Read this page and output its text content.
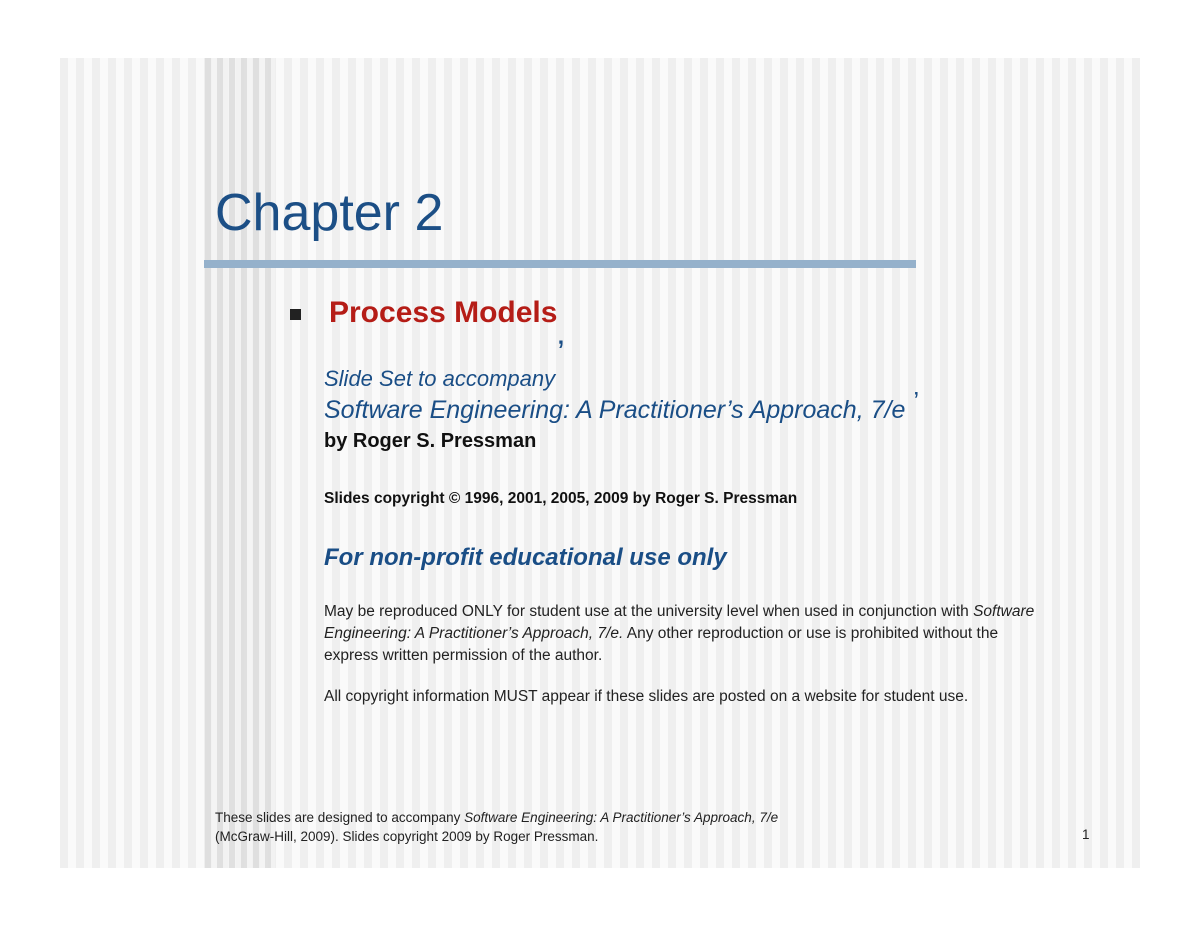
Chapter 2
Process Models
Slide Set to accompany’
Software Engineering: A Practitioner’s Approach, 7/e ’
by Roger S. Pressman
Slides copyright © 1996, 2001, 2005, 2009 by Roger S. Pressman
For non-profit educational use only
May be reproduced ONLY for student use at the university level when used in conjunction with Software Engineering: A Practitioner’s Approach, 7/e. Any other reproduction or use is prohibited without the express written permission of the author.
All copyright information MUST appear if these slides are posted on a website for student use.
These slides are designed to accompany Software Engineering: A Practitioner’s Approach, 7/e
(McGraw-Hill, 2009). Slides copyright 2009 by Roger Pressman.	1
